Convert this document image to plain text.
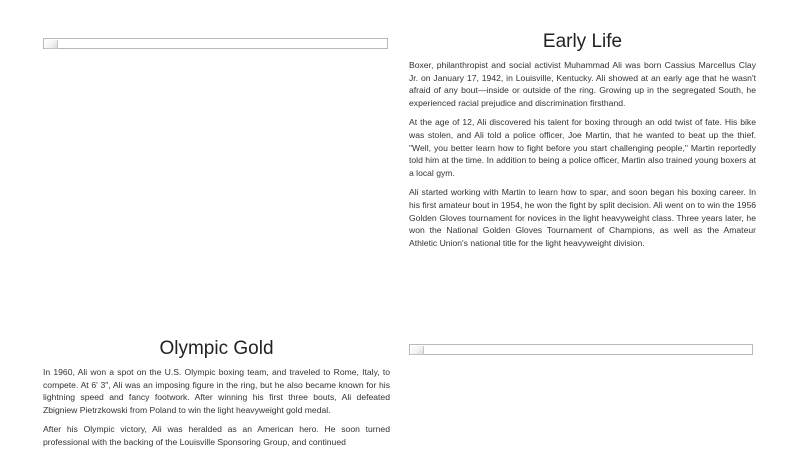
Early Life

Boxer, philanthropist and social activist Muhammad Ali was born Cassius Marcellus Clay Jr. on January 17, 1942, in Louisville, Kentucky. Ali showed at an early age that he wasn't afraid of any bout—inside or outside of the ring. Growing up in the segregated South, he experienced racial prejudice and discrimination firsthand.

At the age of 12, Ali discovered his talent for boxing through an odd twist of fate. His bike was stolen, and Ali told a police officer, Joe Martin, that he wanted to beat up the thief. "Well, you better learn how to fight before you start challenging people," Martin reportedly told him at the time. In addition to being a police officer, Martin also trained young boxers at a local gym.

Ali started working with Martin to learn how to spar, and soon began his boxing career. In his first amateur bout in 1954, he won the fight by split decision. Ali went on to win the 1956 Golden Gloves tournament for novices in the light heavyweight class. Three years later, he won the National Golden Gloves Tournament of Champions, as well as the Amateur Athletic Union's national title for the light heavyweight division.

Olympic Gold

In 1960, Ali won a spot on the U.S. Olympic boxing team, and traveled to Rome, Italy, to compete. At 6' 3", Ali was an imposing figure in the ring, but he also became known for his lightning speed and fancy footwork. After winning his first three bouts, Ali defeated Zbigniew Pietrzkowski from Poland to win the light heavyweight gold medal.

After his Olympic victory, Ali was heralded as an American hero. He soon turned professional with the backing of the Louisville Sponsoring Group, and continued
